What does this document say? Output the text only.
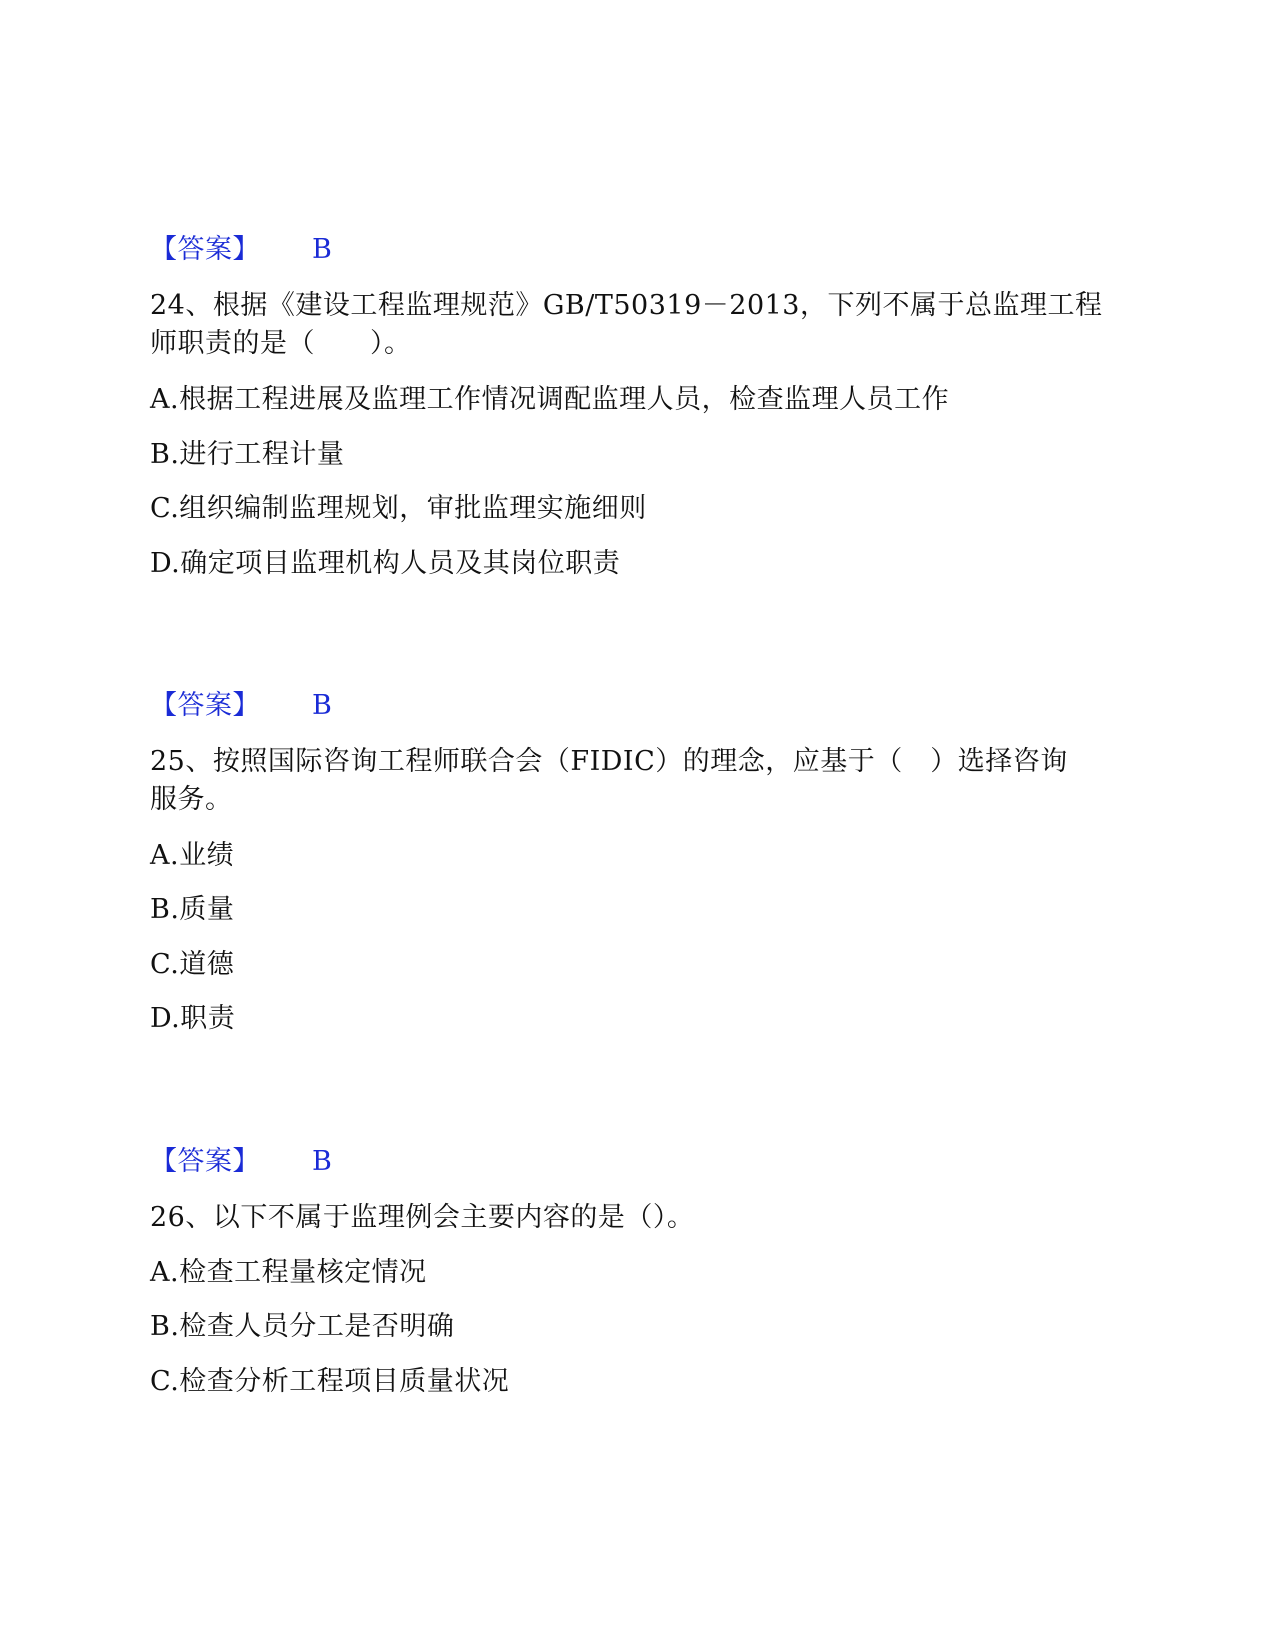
【答案】 B
24、根据《建设工程监理规范》GB/T50319－2013，下列不属于总监理工程
师职责的是（　　）。
A.根据工程进展及监理工作情况调配监理人员，检查监理人员工作
B.进行工程计量
C.组织编制监理规划，审批监理实施细则
D.确定项目监理机构人员及其岗位职责
【答案】 B
25、按照国际咨询工程师联合会（FIDIC）的理念，应基于（　）选择咨询
服务。
A.业绩
B.质量
C.道德
D.职责
【答案】 B
26、以下不属于监理例会主要内容的是（）。
A.检查工程量核定情况
B.检查人员分工是否明确
C.检查分析工程项目质量状况
